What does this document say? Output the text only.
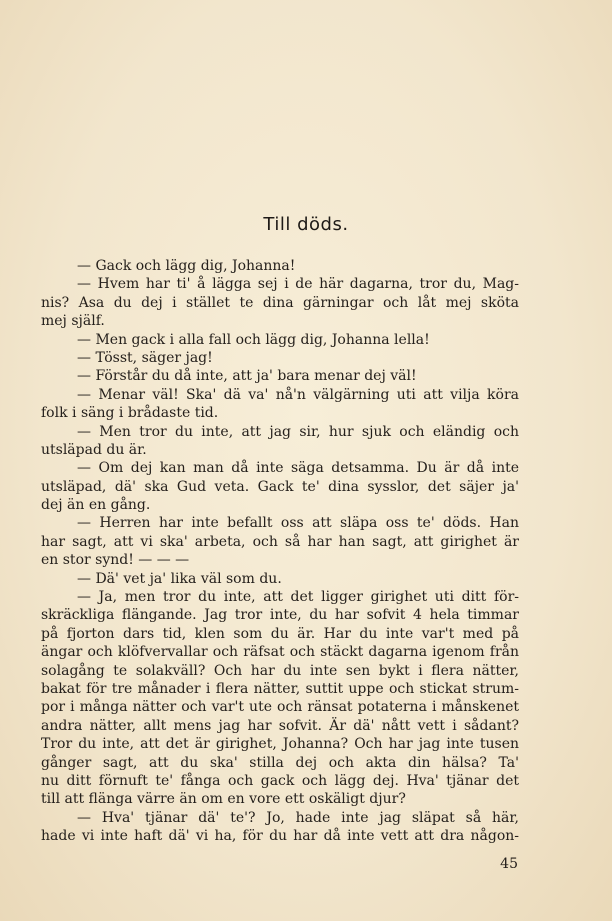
Till döds.
— Gack och lägg dig, Johanna!
— Hvem har ti' å lägga sej i de här dagarna, tror du, Mag-
nis? Asa du dej i stället te dina gärningar och låt mej sköta
mej själf.
— Men gack i alla fall och lägg dig, Johanna lella!
— Tösst, säger jag!
— Förstår du då inte, att ja' bara menar dej väl!
— Menar väl! Ska' dä va' nå'n välgärning uti att vilja köra
folk i säng i brådaste tid.
— Men tror du inte, att jag sir, hur sjuk och eländig och
utsläpad du är.
— Om dej kan man då inte säga detsamma. Du är då inte
utsläpad, dä' ska Gud veta. Gack te' dina sysslor, det säjer ja'
dej än en gång.
— Herren har inte befallt oss att släpa oss te' döds. Han
har sagt, att vi ska' arbeta, och så har han sagt, att girighet är
en stor synd! — — —
— Dä' vet ja' lika väl som du.
— Ja, men tror du inte, att det ligger girighet uti ditt för-
skräckliga flängande. Jag tror inte, du har sofvit 4 hela timmar
på fjorton dars tid, klen som du är. Har du inte var't med på
ängar och klöfvervallar och räfsat och stäckt dagarna igenom från
solagång te solakväll? Och har du inte sen bykt i flera nätter,
bakat för tre månader i flera nätter, suttit uppe och stickat strum-
por i många nätter och var't ute och ränsat potaterna i månskenet
andra nätter, allt mens jag har sofvit. Är dä' nått vett i sådant?
Tror du inte, att det är girighet, Johanna? Och har jag inte tusen
gånger sagt, att du ska' stilla dej och akta din hälsa? Ta'
nu ditt förnuft te' fånga och gack och lägg dej. Hva' tjänar det
till att flänga värre än om en vore ett oskäligt djur?
— Hva' tjänar dä' te'? Jo, hade inte jag släpat så här,
hade vi inte haft dä' vi ha, för du har då inte vett att dra någon-
45
